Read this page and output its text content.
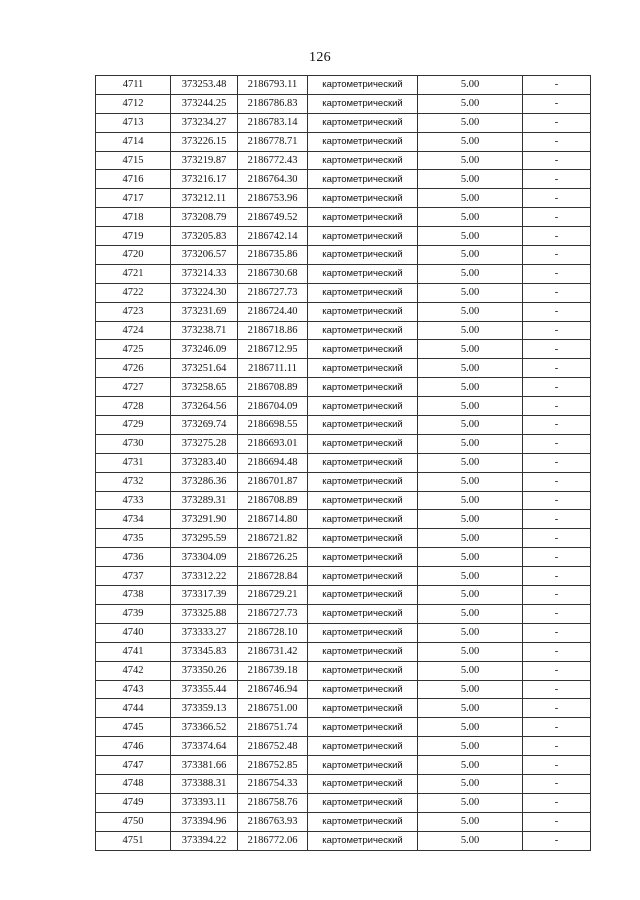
126
4711	373253.48	2186793.11	картометрический	5.00	-
4712	373244.25	2186786.83	картометрический	5.00	-
4713	373234.27	2186783.14	картометрический	5.00	-
4714	373226.15	2186778.71	картометрический	5.00	-
4715	373219.87	2186772.43	картометрический	5.00	-
4716	373216.17	2186764.30	картометрический	5.00	-
4717	373212.11	2186753.96	картометрический	5.00	-
4718	373208.79	2186749.52	картометрический	5.00	-
4719	373205.83	2186742.14	картометрический	5.00	-
4720	373206.57	2186735.86	картометрический	5.00	-
4721	373214.33	2186730.68	картометрический	5.00	-
4722	373224.30	2186727.73	картометрический	5.00	-
4723	373231.69	2186724.40	картометрический	5.00	-
4724	373238.71	2186718.86	картометрический	5.00	-
4725	373246.09	2186712.95	картометрический	5.00	-
4726	373251.64	2186711.11	картометрический	5.00	-
4727	373258.65	2186708.89	картометрический	5.00	-
4728	373264.56	2186704.09	картометрический	5.00	-
4729	373269.74	2186698.55	картометрический	5.00	-
4730	373275.28	2186693.01	картометрический	5.00	-
4731	373283.40	2186694.48	картометрический	5.00	-
4732	373286.36	2186701.87	картометрический	5.00	-
4733	373289.31	2186708.89	картометрический	5.00	-
4734	373291.90	2186714.80	картометрический	5.00	-
4735	373295.59	2186721.82	картометрический	5.00	-
4736	373304.09	2186726.25	картометрический	5.00	-
4737	373312.22	2186728.84	картометрический	5.00	-
4738	373317.39	2186729.21	картометрический	5.00	-
4739	373325.88	2186727.73	картометрический	5.00	-
4740	373333.27	2186728.10	картометрический	5.00	-
4741	373345.83	2186731.42	картометрический	5.00	-
4742	373350.26	2186739.18	картометрический	5.00	-
4743	373355.44	2186746.94	картометрический	5.00	-
4744	373359.13	2186751.00	картометрический	5.00	-
4745	373366.52	2186751.74	картометрический	5.00	-
4746	373374.64	2186752.48	картометрический	5.00	-
4747	373381.66	2186752.85	картометрический	5.00	-
4748	373388.31	2186754.33	картометрический	5.00	-
4749	373393.11	2186758.76	картометрический	5.00	-
4750	373394.96	2186763.93	картометрический	5.00	-
4751	373394.22	2186772.06	картометрический	5.00	-
